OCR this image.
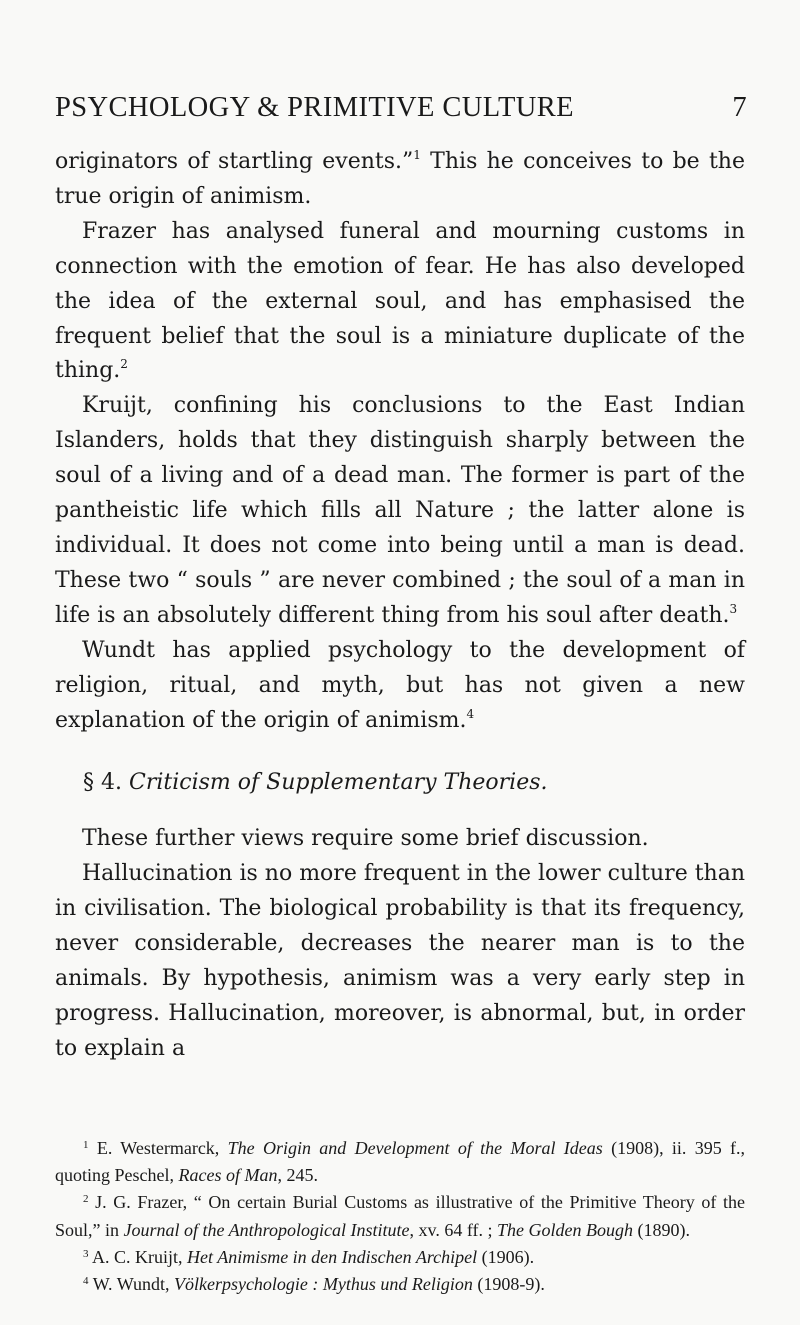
PSYCHOLOGY & PRIMITIVE CULTURE	7

originators of startling events.”$^1$ This he conceives to be the true origin of animism.

Frazer has analysed funeral and mourning customs in connection with the emotion of fear. He has also developed the idea of the external soul, and has emphasised the frequent belief that the soul is a miniature duplicate of the thing.$^2$

Kruijt, confining his conclusions to the East Indian Islanders, holds that they distinguish sharply between the soul of a living and of a dead man. The former is part of the pantheistic life which fills all Nature ; the latter alone is individual. It does not come into being until a man is dead. These two “ souls ” are never combined ; the soul of a man in life is an absolutely different thing from his soul after death.$^3$

Wundt has applied psychology to the development of religion, ritual, and myth, but has not given a new explanation of the origin of animism.$^4$

§ 4. Criticism of Supplementary Theories.

These further views require some brief discussion.

Hallucination is no more frequent in the lower culture than in civilisation. The biological probability is that its frequency, never considerable, decreases the nearer man is to the animals. By hypothesis, animism was a very early step in progress. Hallucination, moreover, is abnormal, but, in order to explain a

$^1$ E. Westermarck, The Origin and Development of the Moral Ideas (1908), ii. 395 f., quoting Peschel, Races of Man, 245.

$^2$ J. G. Frazer, “ On certain Burial Customs as illustrative of the Primitive Theory of the Soul,” in Journal of the Anthropological Institute, xv. 64 ff. ; The Golden Bough (1890).

$^3$ A. C. Kruijt, Het Animisme in den Indischen Archipel (1906).

$^4$ W. Wundt, Völkerpsychologie : Mythus und Religion (1908-9).
